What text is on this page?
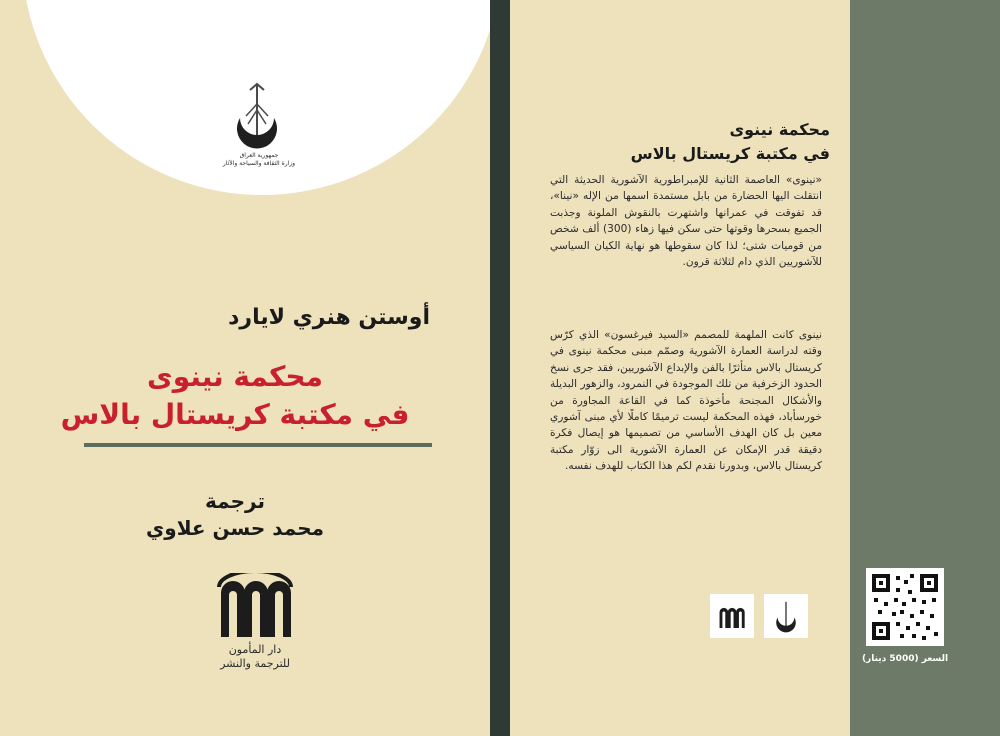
جمهورية العراق
وزارة الثقافة والسياحة والآثار
أوستن هنري لايارد
محكمة نينوى
في مكتبة كريستال بالاس
ترجمة
محمد حسن علاوي
دار المأمون
للترجمة والنشر
محكمة نينوى
في مكتبة كريستال بالاس
«نينوى» العاصمة الثانية للإمبراطورية الآشورية الحديثة التي انتقلت اليها الحضارة من بابل مستمدة اسمها من الإله «نينا»، قد تفوقت في عمرانها واشتهرت بالنقوش الملونة وجذبت الجميع بسحرها وقوتها حتى سكن فيها زهاء (300) ألف شخص من قوميات شتى؛ لذا كان سقوطها هو نهاية الكيان السياسي للآشوريين الذي دام لثلاثة قرون.
نينوى كانت الملهمة للمصمم «السيد فيرغسون» الذي كرّس وقته لدراسة العمارة الآشورية وصمّم مبنى محكمة نينوى في كريستال بالاس متأثرًا بالفن والإبداع الآشوريين، فقد جرى نسخ الحدود الزخرفية من تلك الموجودة في النمرود، والزهور البديلة والأشكال المجنحة مأخوذة كما في القاعة المجاورة من خورسأباد، فهذه المحكمة ليست ترميمًا كاملًا لأي مبنى آشوري معين بل كان الهدف الأساسي من تصميمها هو إيصال فكرة دقيقة قدر الإمكان عن العمارة الآشورية الى زوّار مكتبة كريستال بالاس، وبدورنا نقدم لكم هذا الكتاب للهدف نفسه.
السعر (5000 دينار)
